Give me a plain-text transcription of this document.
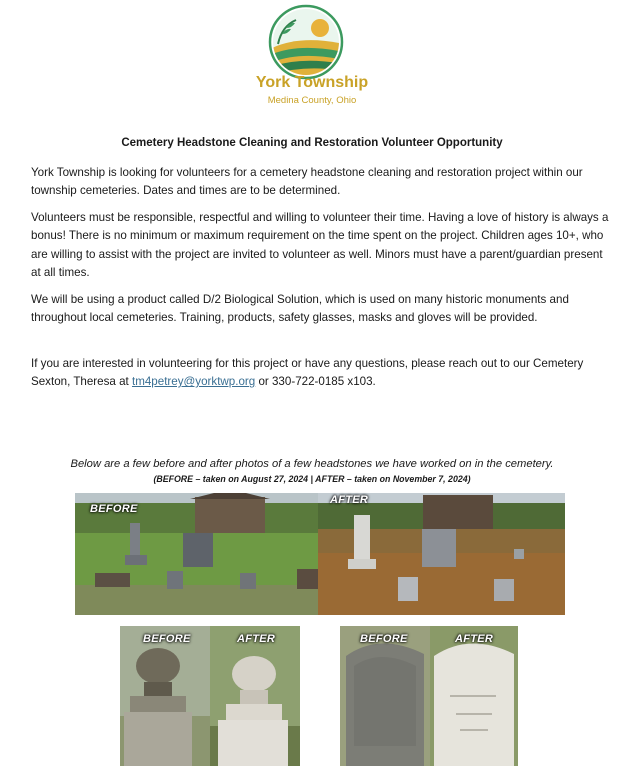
York Township
Medina County, Ohio
Cemetery Headstone Cleaning and Restoration Volunteer Opportunity

York Township is looking for volunteers for a cemetery headstone cleaning and restoration project within our township cemeteries. Dates and times are to be determined.

Volunteers must be responsible, respectful and willing to volunteer their time. Having a love of history is always a bonus! There is no minimum or maximum requirement on the time spent on the project. Children ages 10+, who are willing to assist with the project are invited to volunteer as well. Minors must have a parent/guardian present at all times.

We will be using a product called D/2 Biological Solution, which is used on many historic monuments and throughout local cemeteries. Training, products, safety glasses, masks and gloves will be provided.

If you are interested in volunteering for this project or have any questions, please reach out to our Cemetery Sexton, Theresa at tm4petrey@yorktwp.org or 330-722-0185 x103.

Below are a few before and after photos of a few headstones we have worked on in the cemetery.
(BEFORE – taken on August 27, 2024 | AFTER – taken on November 7, 2024)
BEFORE
AFTER
BEFORE	AFTER	BEFORE	AFTER
